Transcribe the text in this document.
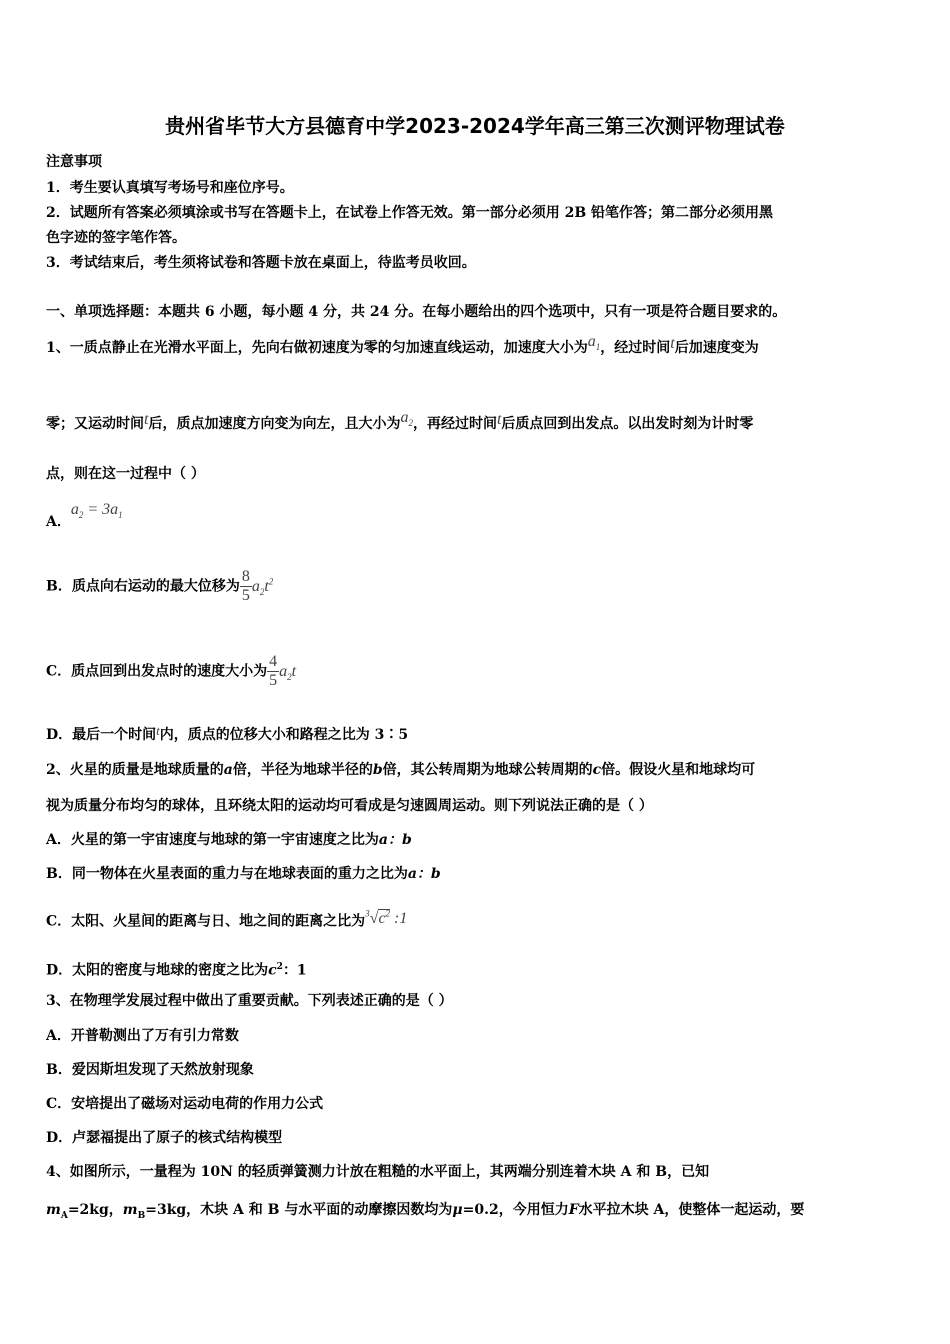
贵州省毕节大方县德育中学2023-2024学年高三第三次测评物理试卷
注意事项
1．考生要认真填写考场号和座位序号。
2．试题所有答案必须填涂或书写在答题卡上，在试卷上作答无效。第一部分必须用 2B 铅笔作答；第二部分必须用黑
色字迹的签字笔作答。
3．考试结束后，考生须将试卷和答题卡放在桌面上，待监考员收回。
一、单项选择题：本题共 6 小题，每小题 4 分，共 24 分。在每小题给出的四个选项中，只有一项是符合题目要求的。
1、一质点静止在光滑水平面上，先向右做初速度为零的匀加速直线运动，加速度大小为$a_1$，经过时间t后加速度变为
零；又运动时间t后，质点加速度方向变为向左，且大小为$a_2$，再经过时间t后质点回到出发点。以出发时刻为计时零
点，则在这一过程中（ ）
A．$a_2 = 3a_1$
B．质点向右运动的最大位移为 $\frac{8}{5} a_2t^2$
C．质点回到出发点时的速度大小为 $\frac{4}{5} a_2t$
D．最后一个时间t内，质点的位移大小和路程之比为 3∶5
2、火星的质量是地球质量的a倍，半径为地球半径的b倍，其公转周期为地球公转周期的c倍。假设火星和地球均可
视为质量分布均匀的球体，且环绕太阳的运动均可看成是匀速圆周运动。则下列说法正确的是（ ）
A．火星的第一宇宙速度与地球的第一宇宙速度之比为a：b
B．同一物体在火星表面的重力与在地球表面的重力之比为a：b
C．太阳、火星间的距离与日、地之间的距离之比为$^3√c^2$ :1
D．太阳的密度与地球的密度之比为$c^2$：1
3、在物理学发展过程中做出了重要贡献。下列表述正确的是（ ）
A．开普勒测出了万有引力常数
B．爱因斯坦发现了天然放射现象
C．安培提出了磁场对运动电荷的作用力公式
D．卢瑟福提出了原子的核式结构模型
4、如图所示，一量程为 10N 的轻质弹簧测力计放在粗糙的水平面上，其两端分别连着木块 A 和 B，已知
$m_A=2kg$，$m_B=3kg$，木块 A 和 B 与水平面的动摩擦因数均为μ=0.2，今用恒力F水平拉木块 A，使整体一起运动，要
